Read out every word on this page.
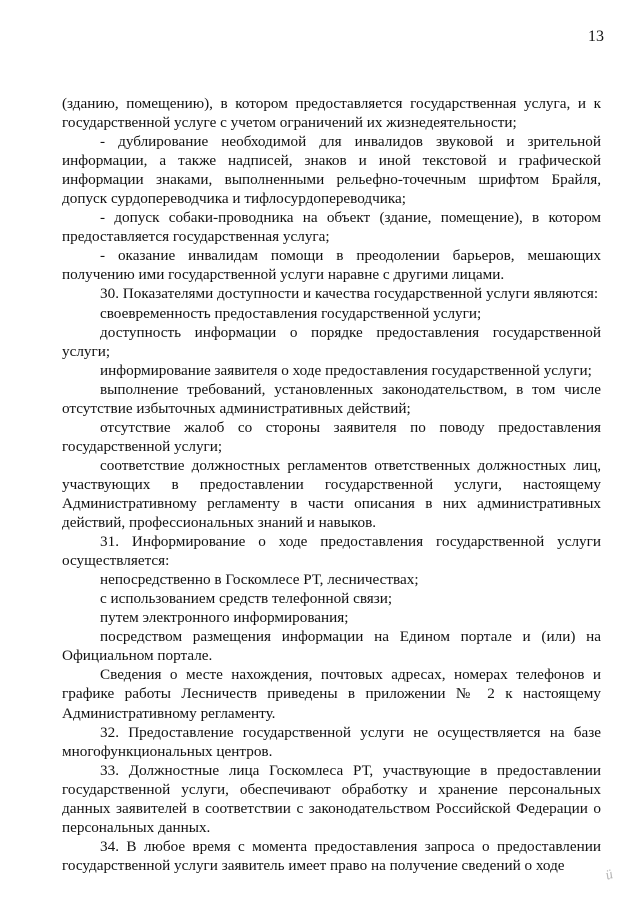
13

(зданию, помещению), в котором предоставляется государственная услуга, и к государственной услуге с учетом ограничений их жизнедеятельности;

- дублирование необходимой для инвалидов звуковой и зрительной информации, а также надписей, знаков и иной текстовой и графической информации знаками, выполненными рельефно-точечным шрифтом Брайля, допуск сурдопереводчика и тифлосурдопереводчика;

- допуск собаки-проводника на объект (здание, помещение), в котором предоставляется государственная услуга;

- оказание инвалидам помощи в преодолении барьеров, мешающих получению ими государственной услуги наравне с другими лицами.

30. Показателями доступности и качества государственной услуги являются:

своевременность предоставления государственной услуги;

доступность информации о порядке предоставления государственной услуги;

информирование заявителя о ходе предоставления государственной услуги;

выполнение требований, установленных законодательством, в том числе отсутствие избыточных административных действий;

отсутствие жалоб со стороны заявителя по поводу предоставления государственной услуги;

соответствие должностных регламентов ответственных должностных лиц, участвующих в предоставлении государственной услуги, настоящему Административному регламенту в части описания в них административных действий, профессиональных знаний и навыков.

31. Информирование о ходе предоставления государственной услуги осуществляется:

непосредственно в Госкомлесе РТ, лесничествах;

с использованием средств телефонной связи;

путем электронного информирования;

посредством размещения информации на Едином портале и (или) на Официальном портале.

Сведения о месте нахождения, почтовых адресах, номерах телефонов и графике работы Лесничеств приведены в приложении № 2 к настоящему Административному регламенту.

32. Предоставление государственной услуги не осуществляется на базе многофункциональных центров.

33. Должностные лица Госкомлеса РТ, участвующие в предоставлении государственной услуги, обеспечивают обработку и хранение персональных данных заявителей в соответствии с законодательством Российской Федерации о персональных данных.

34. В любое время с момента предоставления запроса о предоставлении государственной услуги заявитель имеет право на получение сведений о ходе

ü
